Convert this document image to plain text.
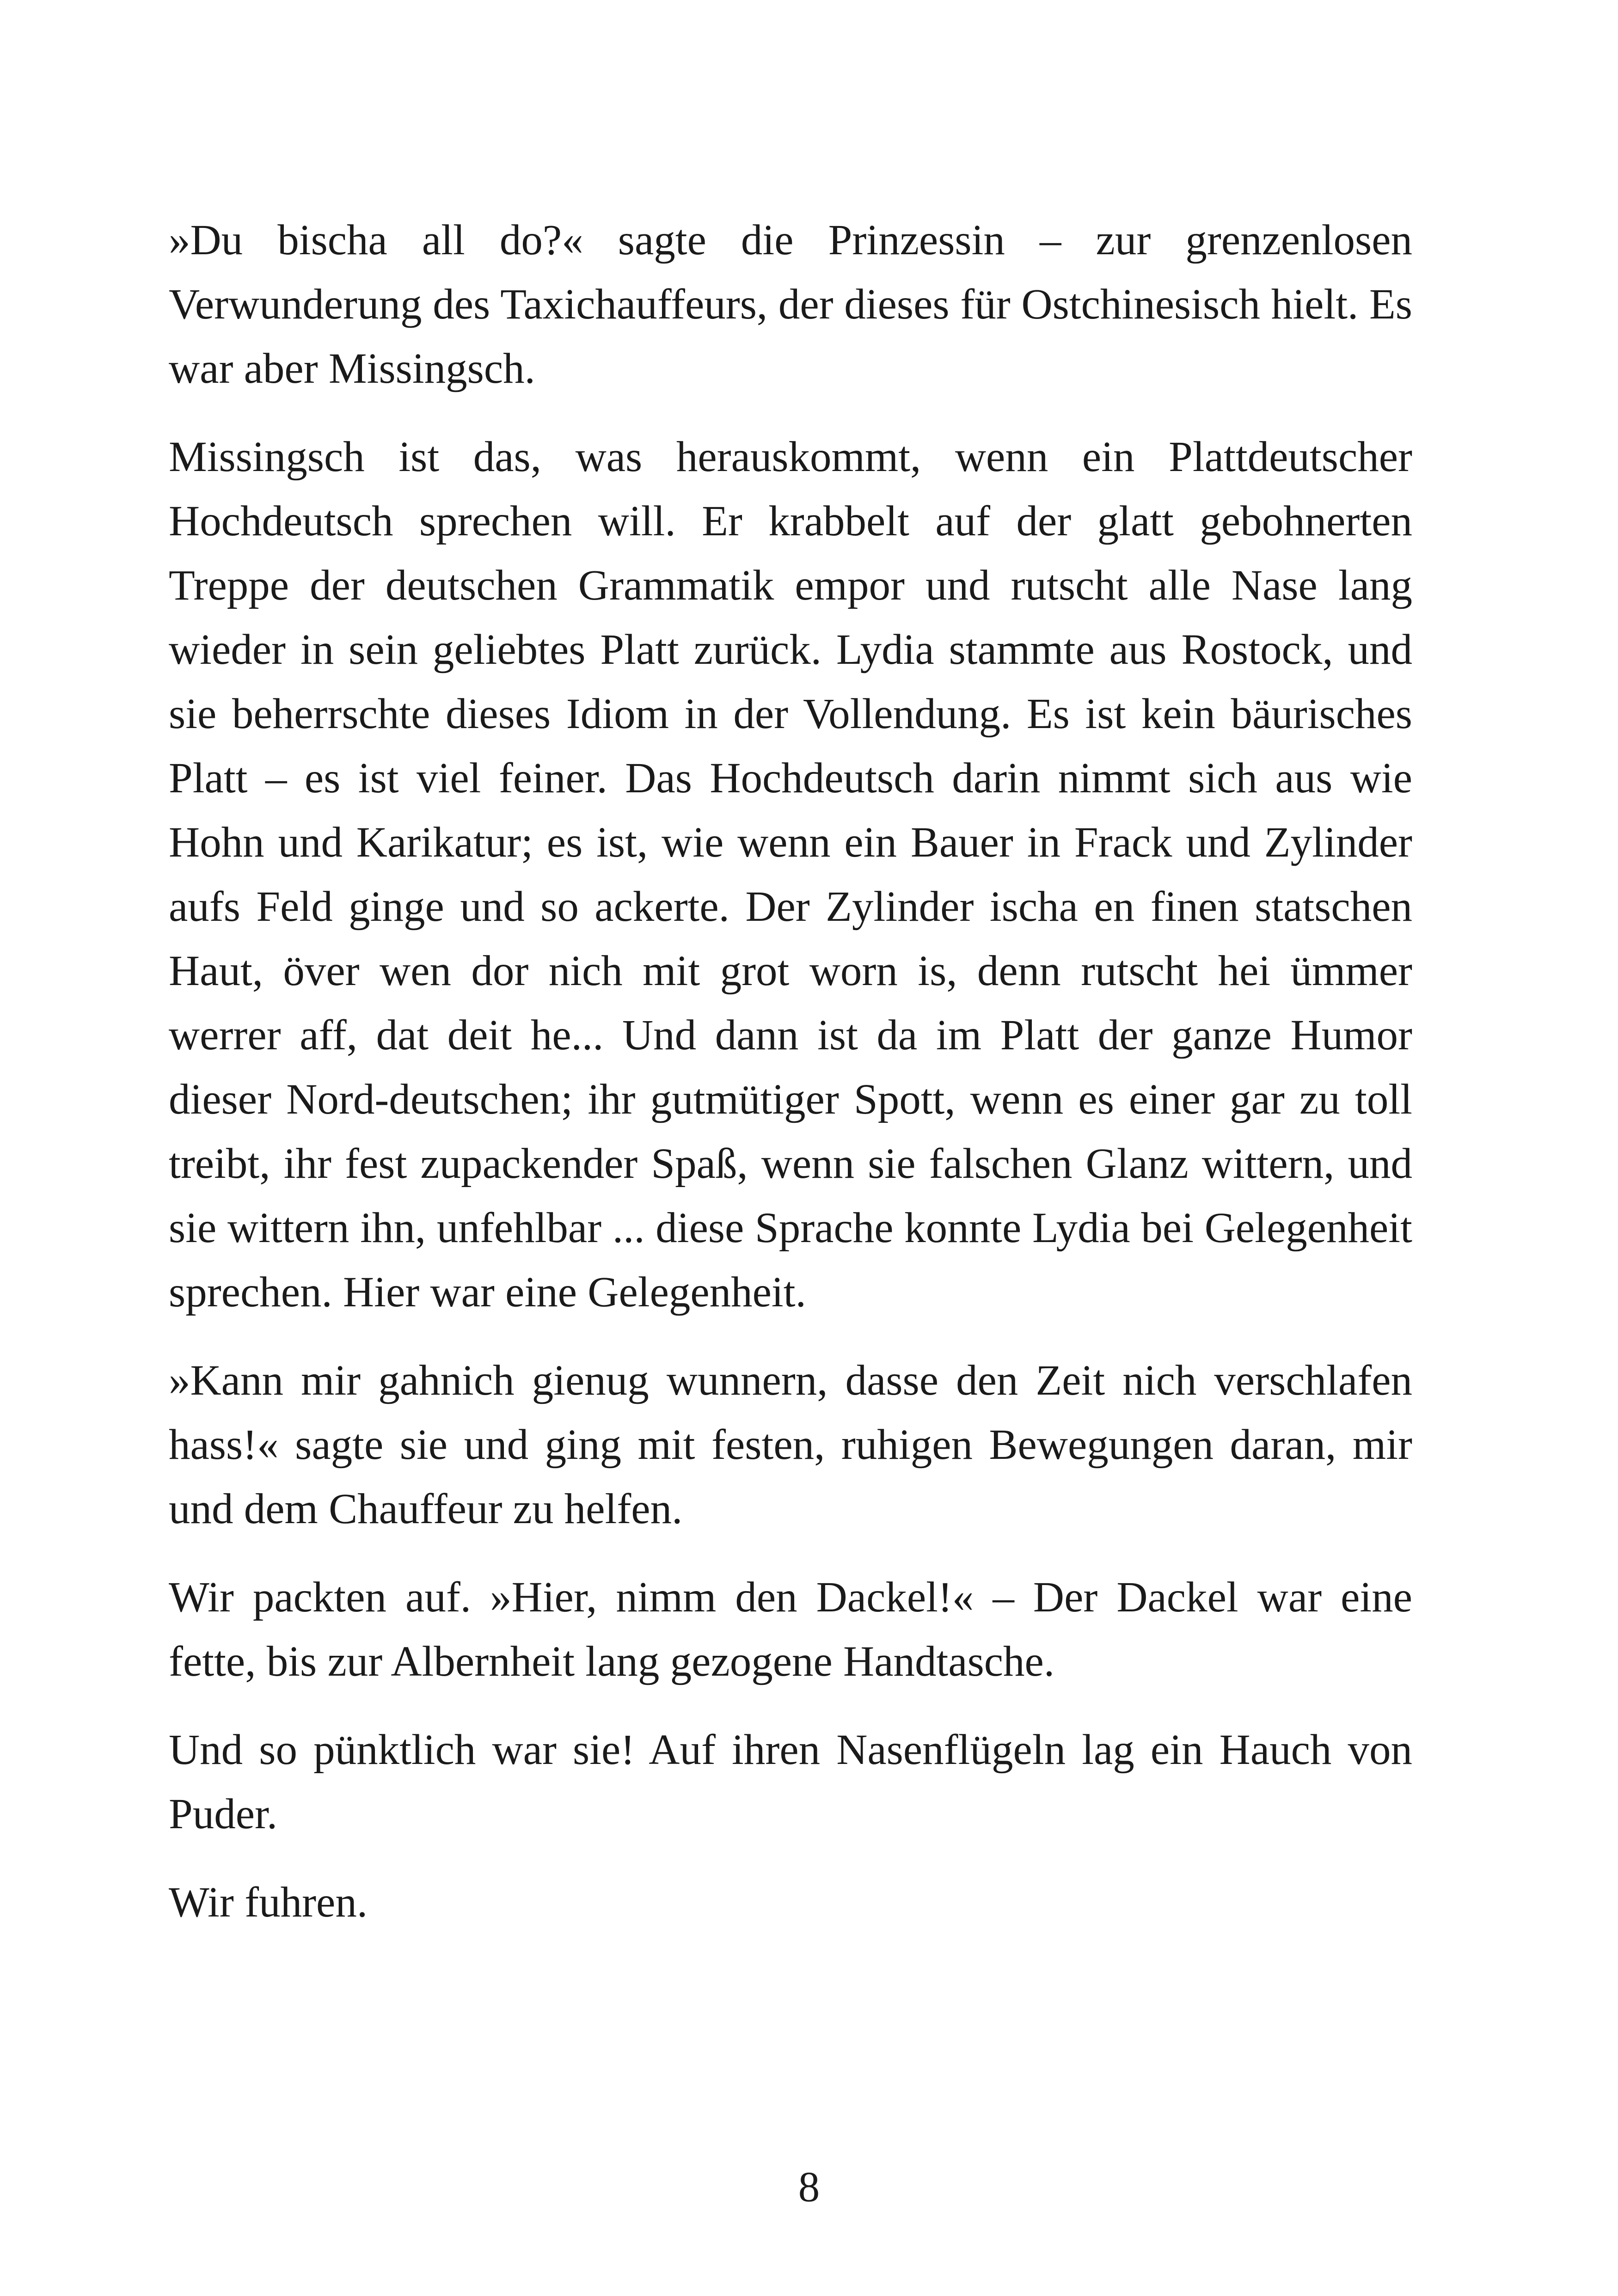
»Du bischa all do?« sagte die Prinzessin – zur grenzenlosen Verwunderung des Taxichauffeurs, der dieses für Ostchinesisch hielt. Es war aber Missingsch.

Missingsch ist das, was herauskommt, wenn ein Plattdeutscher Hochdeutsch sprechen will. Er krabbelt auf der glatt gebohnerten Treppe der deutschen Grammatik empor und rutscht alle Nase lang wieder in sein geliebtes Platt zurück. Lydia stammte aus Rostock, und sie beherrschte dieses Idiom in der Vollendung. Es ist kein bäurisches Platt – es ist viel feiner. Das Hochdeutsch darin nimmt sich aus wie Hohn und Karikatur; es ist, wie wenn ein Bauer in Frack und Zylinder aufs Feld ginge und so ackerte. Der Zylinder ischa en finen statschen Haut, över wen dor nich mit grot worn is, denn rutscht hei ümmer werrer aff, dat deit he... Und dann ist da im Platt der ganze Humor dieser Nord-deutschen; ihr gutmütiger Spott, wenn es einer gar zu toll treibt, ihr fest zupackender Spaß, wenn sie falschen Glanz wittern, und sie wittern ihn, unfehlbar ... diese Sprache konnte Lydia bei Gelegenheit sprechen. Hier war eine Gelegenheit.

»Kann mir gahnich gienug wunnern, dasse den Zeit nich verschlafen hass!« sagte sie und ging mit festen, ruhigen Bewegungen daran, mir und dem Chauffeur zu helfen.

Wir packten auf. »Hier, nimm den Dackel!« – Der Dackel war eine fette, bis zur Albernheit lang gezogene Handtasche.

Und so pünktlich war sie! Auf ihren Nasenflügeln lag ein Hauch von Puder.

Wir fuhren.

8
